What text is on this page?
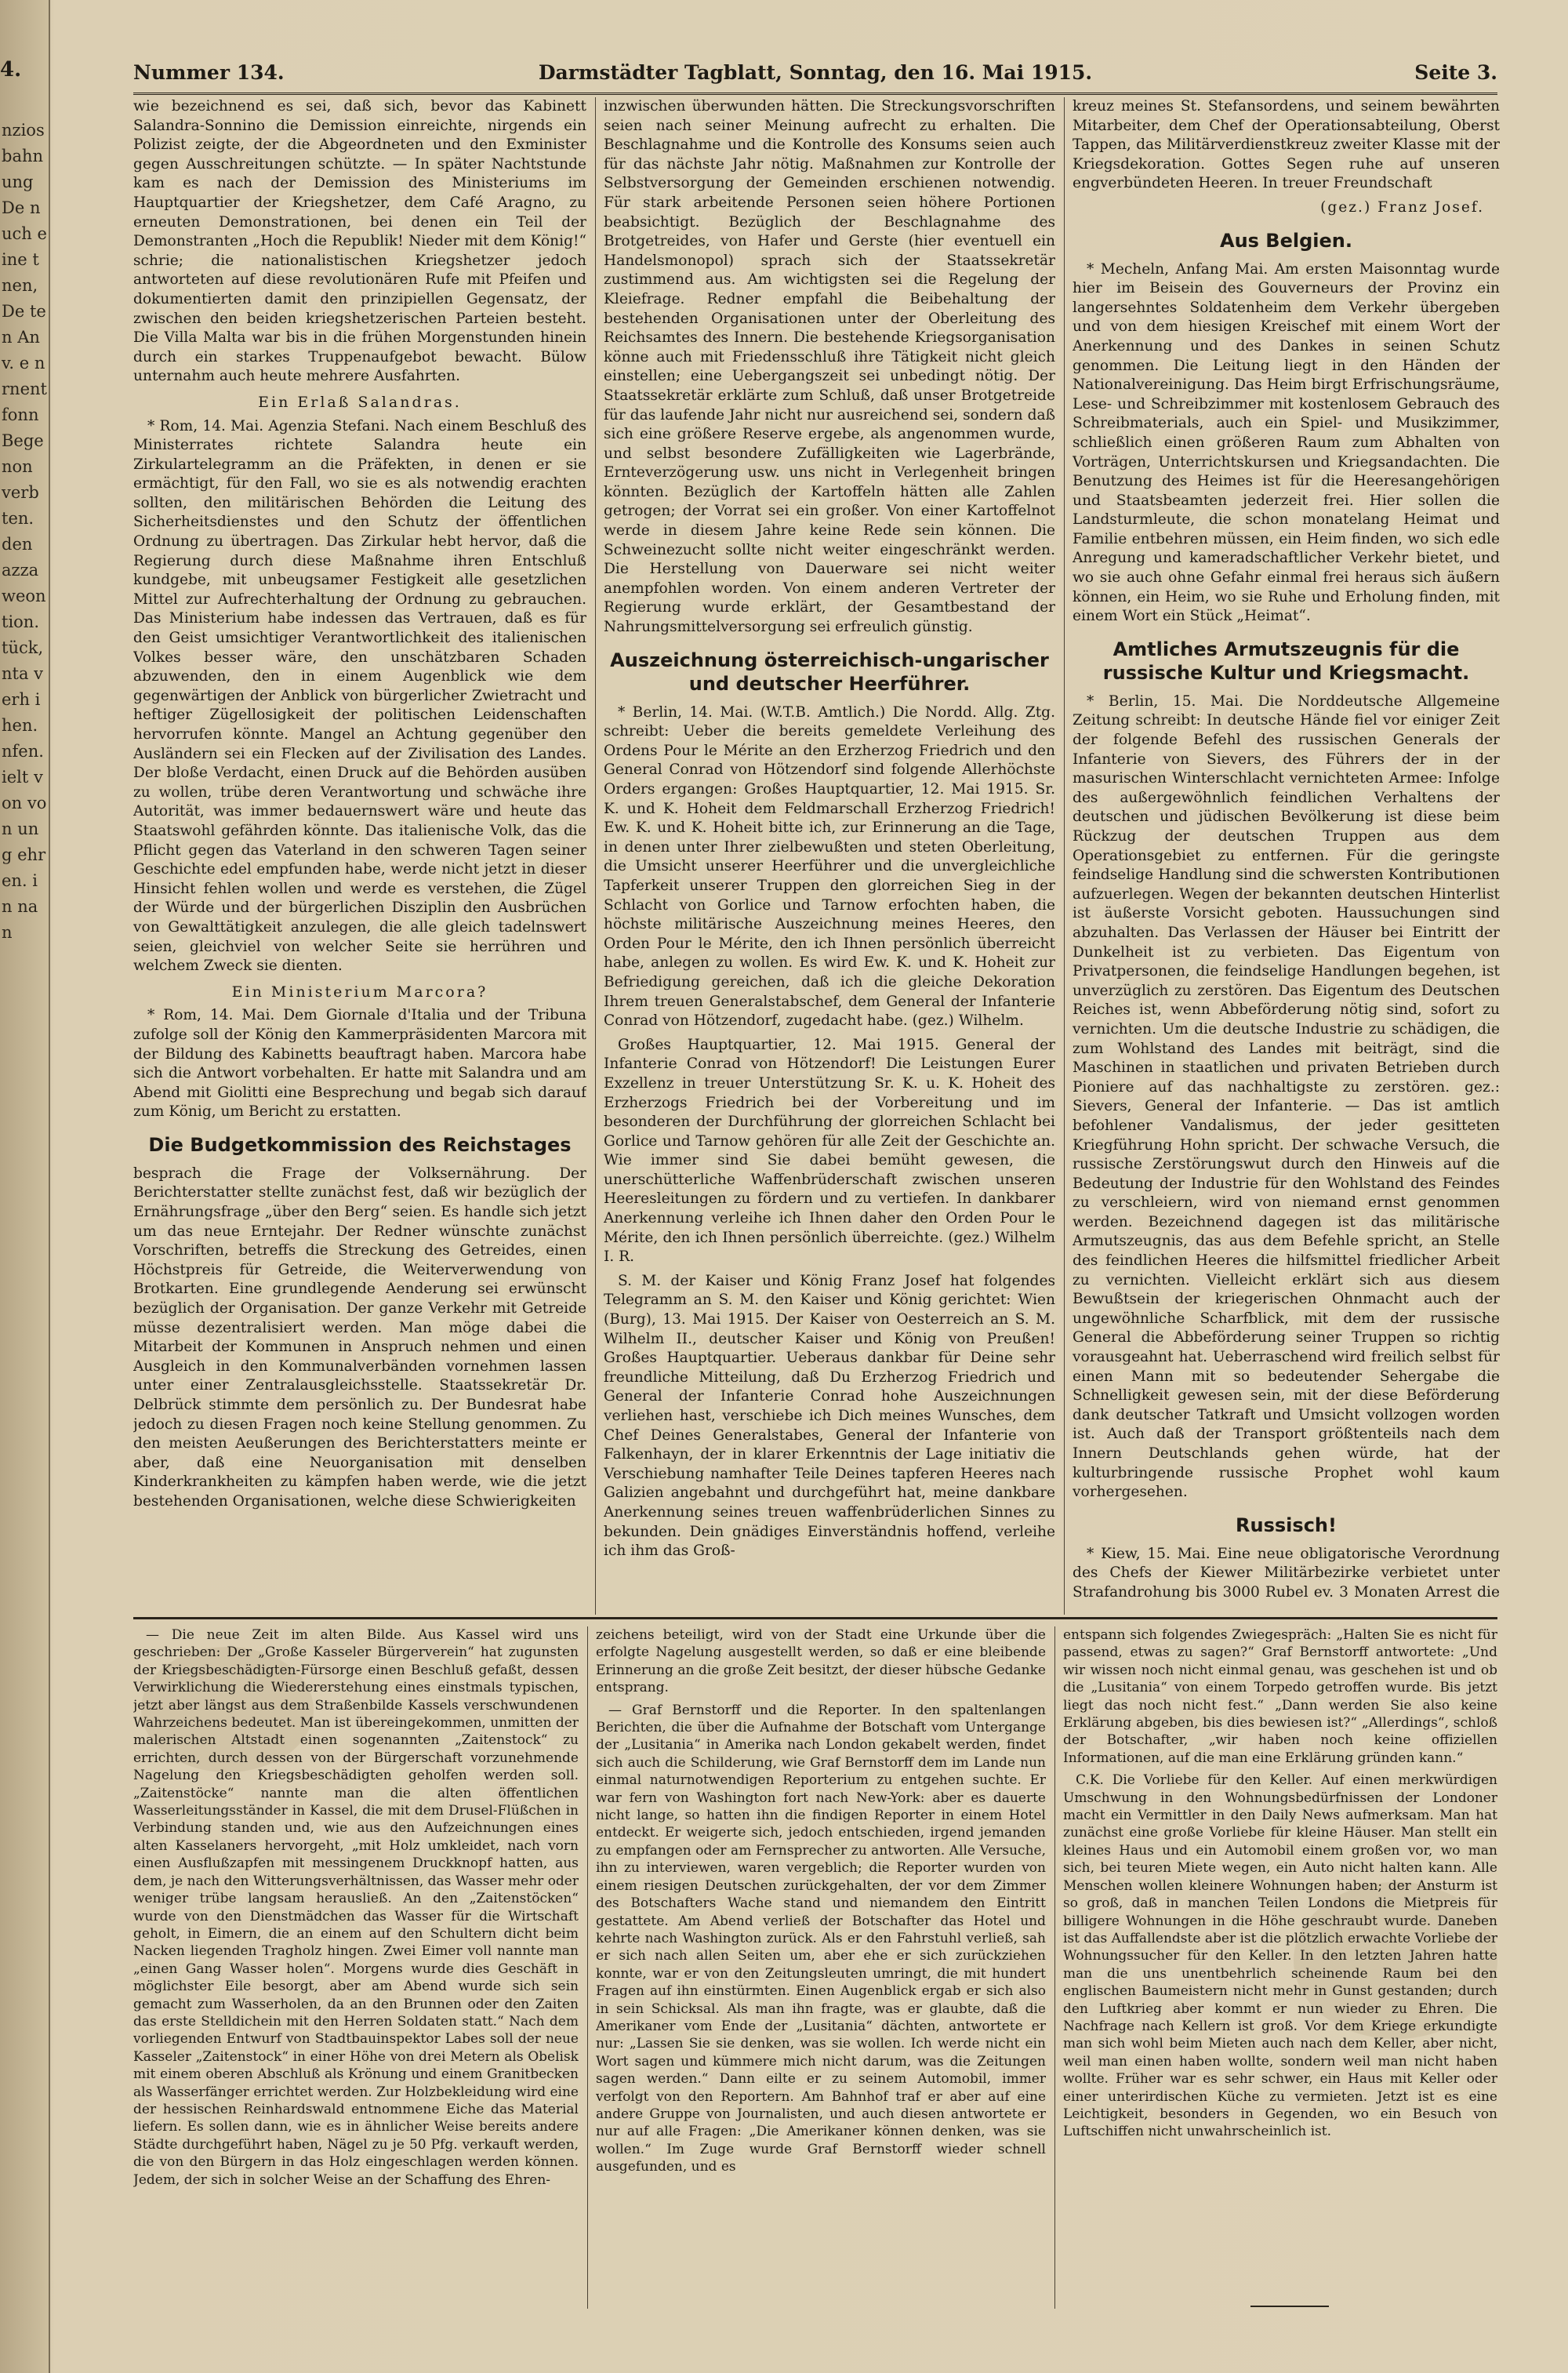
4.
nzios bahn ung De nuch eine tnen, De ten Anv. e n rnent fonn Bege non verb ten. den azza weon tion. tück, nta verh ihen. nfen. ielt von von ung ehr en. in nan
Nummer 134.	Darmstädter Tagblatt, Sonntag, den 16. Mai 1915.	Seite 3.

wie bezeichnend es sei, daß sich, bevor das Kabinett Salandra-Sonnino die Demission einreichte, nirgends ein Polizist zeigte, der die Abgeordneten und den Exminister gegen Ausschreitungen schützte. — In später Nachtstunde kam es nach der Demission des Ministeriums im Hauptquartier der Kriegshetzer, dem Café Aragno, zu erneuten Demonstrationen, bei denen ein Teil der Demonstranten „Hoch die Republik! Nieder mit dem König!“ schrie; die nationalistischen Kriegshetzer jedoch antworteten auf diese revolutionären Rufe mit Pfeifen und dokumentierten damit den prinzipiellen Gegensatz, der zwischen den beiden kriegshetzerischen Parteien besteht. Die Villa Malta war bis in die frühen Morgenstunden hinein durch ein starkes Truppenaufgebot bewacht. Bülow unternahm auch heute mehrere Ausfahrten.

Ein Erlaß Salandras.

* Rom, 14. Mai. Agenzia Stefani. Nach einem Beschluß des Ministerrates richtete Salandra heute ein Zirkulartelegramm an die Präfekten, in denen er sie ermächtigt, für den Fall, wo sie es als notwendig erachten sollten, den militärischen Behörden die Leitung des Sicherheitsdienstes und den Schutz der öffentlichen Ordnung zu übertragen. Das Zirkular hebt hervor, daß die Regierung durch diese Maßnahme ihren Entschluß kundgebe, mit unbeugsamer Festigkeit alle gesetzlichen Mittel zur Aufrechterhaltung der Ordnung zu gebrauchen. Das Ministerium habe indessen das Vertrauen, daß es für den Geist umsichtiger Verantwortlichkeit des italienischen Volkes besser wäre, den unschätzbaren Schaden abzuwenden, den in einem Augenblick wie dem gegenwärtigen der Anblick von bürgerlicher Zwietracht und heftiger Zügellosigkeit der politischen Leidenschaften hervorrufen könnte. Mangel an Achtung gegenüber den Ausländern sei ein Flecken auf der Zivilisation des Landes. Der bloße Verdacht, einen Druck auf die Behörden ausüben zu wollen, trübe deren Verantwortung und schwäche ihre Autorität, was immer bedauernswert wäre und heute das Staatswohl gefährden könnte. Das italienische Volk, das die Pflicht gegen das Vaterland in den schweren Tagen seiner Geschichte edel empfunden habe, werde nicht jetzt in dieser Hinsicht fehlen wollen und werde es verstehen, die Zügel der Würde und der bürgerlichen Disziplin den Ausbrüchen von Gewalttätigkeit anzulegen, die alle gleich tadelnswert seien, gleichviel von welcher Seite sie herrühren und welchem Zweck sie dienten.

Ein Ministerium Marcora?

* Rom, 14. Mai. Dem Giornale d'Italia und der Tribuna zufolge soll der König den Kammerpräsidenten Marcora mit der Bildung des Kabinetts beauftragt haben. Marcora habe sich die Antwort vorbehalten. Er hatte mit Salandra und am Abend mit Giolitti eine Besprechung und begab sich darauf zum König, um Bericht zu erstatten.

Die Budgetkommission des Reichstages

besprach die Frage der Volksernährung. Der Berichterstatter stellte zunächst fest, daß wir bezüglich der Ernährungsfrage „über den Berg“ seien. Es handle sich jetzt um das neue Erntejahr. Der Redner wünschte zunächst Vorschriften, betreffs die Streckung des Getreides, einen Höchstpreis für Getreide, die Weiterverwendung von Brotkarten. Eine grundlegende Aenderung sei erwünscht bezüglich der Organisation. Der ganze Verkehr mit Getreide müsse dezentralisiert werden. Man möge dabei die Mitarbeit der Kommunen in Anspruch nehmen und einen Ausgleich in den Kommunalverbänden vornehmen lassen unter einer Zentralausgleichsstelle. Staatssekretär Dr. Delbrück stimmte dem persönlich zu. Der Bundesrat habe jedoch zu diesen Fragen noch keine Stellung genommen. Zu den meisten Aeußerungen des Berichterstatters meinte er aber, daß eine Neuorganisation mit denselben Kinderkrankheiten zu kämpfen haben werde, wie die jetzt bestehenden Organisationen, welche diese Schwierigkeiten

inzwischen überwunden hätten. Die Streckungsvorschriften seien nach seiner Meinung aufrecht zu erhalten. Die Beschlagnahme und die Kontrolle des Konsums seien auch für das nächste Jahr nötig. Maßnahmen zur Kontrolle der Selbstversorgung der Gemeinden erschienen notwendig. Für stark arbeitende Personen seien höhere Portionen beabsichtigt. Bezüglich der Beschlagnahme des Brotgetreides, von Hafer und Gerste (hier eventuell ein Handelsmonopol) sprach sich der Staatssekretär zustimmend aus. Am wichtigsten sei die Regelung der Kleiefrage. Redner empfahl die Beibehaltung der bestehenden Organisationen unter der Oberleitung des Reichsamtes des Innern. Die bestehende Kriegsorganisation könne auch mit Friedensschluß ihre Tätigkeit nicht gleich einstellen; eine Uebergangszeit sei unbedingt nötig. Der Staatssekretär erklärte zum Schluß, daß unser Brotgetreide für das laufende Jahr nicht nur ausreichend sei, sondern daß sich eine größere Reserve ergebe, als angenommen wurde, und selbst besondere Zufälligkeiten wie Lagerbrände, Ernteverzögerung usw. uns nicht in Verlegenheit bringen könnten. Bezüglich der Kartoffeln hätten alle Zahlen getrogen; der Vorrat sei ein großer. Von einer Kartoffelnot werde in diesem Jahre keine Rede sein können. Die Schweinezucht sollte nicht weiter eingeschränkt werden. Die Herstellung von Dauerware sei nicht weiter anempfohlen worden. Von einem anderen Vertreter der Regierung wurde erklärt, der Gesamtbestand der Nahrungsmittelversorgung sei erfreulich günstig.

Auszeichnung österreichisch-ungarischer und deutscher Heerführer.

* Berlin, 14. Mai. (W.T.B. Amtlich.) Die Nordd. Allg. Ztg. schreibt: Ueber die bereits gemeldete Verleihung des Ordens Pour le Mérite an den Erzherzog Friedrich und den General Conrad von Hötzendorf sind folgende Allerhöchste Orders ergangen: Großes Hauptquartier, 12. Mai 1915. Sr. K. und K. Hoheit dem Feldmarschall Erzherzog Friedrich! Ew. K. und K. Hoheit bitte ich, zur Erinnerung an die Tage, in denen unter Ihrer zielbewußten und steten Oberleitung, die Umsicht unserer Heerführer und die unvergleichliche Tapferkeit unserer Truppen den glorreichen Sieg in der Schlacht von Gorlice und Tarnow erfochten haben, die höchste militärische Auszeichnung meines Heeres, den Orden Pour le Mérite, den ich Ihnen persönlich überreicht habe, anlegen zu wollen. Es wird Ew. K. und K. Hoheit zur Befriedigung gereichen, daß ich die gleiche Dekoration Ihrem treuen Generalstabschef, dem General der Infanterie Conrad von Hötzendorf, zugedacht habe. (gez.) Wilhelm.

Großes Hauptquartier, 12. Mai 1915. General der Infanterie Conrad von Hötzendorf! Die Leistungen Eurer Exzellenz in treuer Unterstützung Sr. K. u. K. Hoheit des Erzherzogs Friedrich bei der Vorbereitung und im besonderen der Durchführung der glorreichen Schlacht bei Gorlice und Tarnow gehören für alle Zeit der Geschichte an. Wie immer sind Sie dabei bemüht gewesen, die unerschütterliche Waffenbrüderschaft zwischen unseren Heeresleitungen zu fördern und zu vertiefen. In dankbarer Anerkennung verleihe ich Ihnen daher den Orden Pour le Mérite, den ich Ihnen persönlich überreichte. (gez.) Wilhelm I. R.

S. M. der Kaiser und König Franz Josef hat folgendes Telegramm an S. M. den Kaiser und König gerichtet: Wien (Burg), 13. Mai 1915. Der Kaiser von Oesterreich an S. M. Wilhelm II., deutscher Kaiser und König von Preußen! Großes Hauptquartier. Ueberaus dankbar für Deine sehr freundliche Mitteilung, daß Du Erzherzog Friedrich und General der Infanterie Conrad hohe Auszeichnungen verliehen hast, verschiebe ich Dich meines Wunsches, dem Chef Deines Generalstabes, General der Infanterie von Falkenhayn, der in klarer Erkenntnis der Lage initiativ die Verschiebung namhafter Teile Deines tapferen Heeres nach Galizien angebahnt und durchgeführt hat, meine dankbare Anerkennung seines treuen waffenbrüderlichen Sinnes zu bekunden. Dein gnädiges Einverständnis hoffend, verleihe ich ihm das Groß-

kreuz meines St. Stefansordens, und seinem bewährten Mitarbeiter, dem Chef der Operationsabteilung, Oberst Tappen, das Militärverdienstkreuz zweiter Klasse mit der Kriegsdekoration. Gottes Segen ruhe auf unseren engverbündeten Heeren. In treuer Freundschaft

(gez.) Franz Josef.
Aus Belgien.

* Mecheln, Anfang Mai. Am ersten Maisonntag wurde hier im Beisein des Gouverneurs der Provinz ein langersehntes Soldatenheim dem Verkehr übergeben und von dem hiesigen Kreischef mit einem Wort der Anerkennung und des Dankes in seinen Schutz genommen. Die Leitung liegt in den Händen der Nationalvereinigung. Das Heim birgt Erfrischungsräume, Lese- und Schreibzimmer mit kostenlosem Gebrauch des Schreibmaterials, auch ein Spiel- und Musikzimmer, schließlich einen größeren Raum zum Abhalten von Vorträgen, Unterrichtskursen und Kriegsandachten. Die Benutzung des Heimes ist für die Heeresangehörigen und Staatsbeamten jederzeit frei. Hier sollen die Landsturmleute, die schon monatelang Heimat und Familie entbehren müssen, ein Heim finden, wo sich edle Anregung und kameradschaftlicher Verkehr bietet, und wo sie auch ohne Gefahr einmal frei heraus sich äußern können, ein Heim, wo sie Ruhe und Erholung finden, mit einem Wort ein Stück „Heimat“.

Amtliches Armutszeugnis für die russische Kultur und Kriegsmacht.

* Berlin, 15. Mai. Die Norddeutsche Allgemeine Zeitung schreibt: In deutsche Hände fiel vor einiger Zeit der folgende Befehl des russischen Generals der Infanterie von Sievers, des Führers der in der masurischen Winterschlacht vernichteten Armee: Infolge des außergewöhnlich feindlichen Verhaltens der deutschen und jüdischen Bevölkerung ist diese beim Rückzug der deutschen Truppen aus dem Operationsgebiet zu entfernen. Für die geringste feindselige Handlung sind die schwersten Kontributionen aufzuerlegen. Wegen der bekannten deutschen Hinterlist ist äußerste Vorsicht geboten. Haussuchungen sind abzuhalten. Das Verlassen der Häuser bei Eintritt der Dunkelheit ist zu verbieten. Das Eigentum von Privatpersonen, die feindselige Handlungen begehen, ist unverzüglich zu zerstören. Das Eigentum des Deutschen Reiches ist, wenn Abbeförderung nötig sind, sofort zu vernichten. Um die deutsche Industrie zu schädigen, die zum Wohlstand des Landes mit beiträgt, sind die Maschinen in staatlichen und privaten Betrieben durch Pioniere auf das nachhaltigste zu zerstören. gez.: Sievers, General der Infanterie. — Das ist amtlich befohlener Vandalismus, der jeder gesitteten Kriegführung Hohn spricht. Der schwache Versuch, die russische Zerstörungswut durch den Hinweis auf die Bedeutung der Industrie für den Wohlstand des Feindes zu verschleiern, wird von niemand ernst genommen werden. Bezeichnend dagegen ist das militärische Armutszeugnis, das aus dem Befehle spricht, an Stelle des feindlichen Heeres die hilfsmittel friedlicher Arbeit zu vernichten. Vielleicht erklärt sich aus diesem Bewußtsein der kriegerischen Ohnmacht auch der ungewöhnliche Scharfblick, mit dem der russische General die Abbeförderung seiner Truppen so richtig vorausgeahnt hat. Ueberraschend wird freilich selbst für einen Mann mit so bedeutender Sehergabe die Schnelligkeit gewesen sein, mit der diese Beförderung dank deutscher Tatkraft und Umsicht vollzogen worden ist. Auch daß der Transport größtenteils nach dem Innern Deutschlands gehen würde, hat der kulturbringende russische Prophet wohl kaum vorhergesehen.

Russisch!

* Kiew, 15. Mai. Eine neue obligatorische Verordnung des Chefs der Kiewer Militärbezirke verbietet unter Strafandrohung bis 3000 Rubel ev. 3 Monaten Arrest die

— Die neue Zeit im alten Bilde. Aus Kassel wird uns geschrieben: Der „Große Kasseler Bürgerverein“ hat zugunsten der Kriegsbeschädigten-Fürsorge einen Beschluß gefaßt, dessen Verwirklichung die Wiedererstehung eines einstmals typischen, jetzt aber längst aus dem Straßenbilde Kassels verschwundenen Wahrzeichens bedeutet. Man ist übereingekommen, unmitten der malerischen Altstadt einen sogenannten „Zaitenstock“ zu errichten, durch dessen von der Bürgerschaft vorzunehmende Nagelung den Kriegsbeschädigten geholfen werden soll. „Zaitenstöcke“ nannte man die alten öffentlichen Wasserleitungsständer in Kassel, die mit dem Drusel-Flüßchen in Verbindung standen und, wie aus den Aufzeichnungen eines alten Kasselaners hervorgeht, „mit Holz umkleidet, nach vorn einen Ausflußzapfen mit messingenem Druckknopf hatten, aus dem, je nach den Witterungsverhältnissen, das Wasser mehr oder weniger trübe langsam herausließ. An den „Zaitenstöcken“ wurde von den Dienstmädchen das Wasser für die Wirtschaft geholt, in Eimern, die an einem auf den Schultern dicht beim Nacken liegenden Tragholz hingen. Zwei Eimer voll nannte man „einen Gang Wasser holen“. Morgens wurde dies Geschäft in möglichster Eile besorgt, aber am Abend wurde sich sein gemacht zum Wasserholen, da an den Brunnen oder den Zaiten das erste Stelldichein mit den Herren Soldaten statt.“ Nach dem vorliegenden Entwurf von Stadtbauinspektor Labes soll der neue Kasseler „Zaitenstock“ in einer Höhe von drei Metern als Obelisk mit einem oberen Abschluß als Krönung und einem Granitbecken als Wasserfänger errichtet werden. Zur Holzbekleidung wird eine der hessischen Reinhardswald entnommene Eiche das Material liefern. Es sollen dann, wie es in ähnlicher Weise bereits andere Städte durchgeführt haben, Nägel zu je 50 Pfg. verkauft werden, die von den Bürgern in das Holz eingeschlagen werden können. Jedem, der sich in solcher Weise an der Schaffung des Ehren-

zeichens beteiligt, wird von der Stadt eine Urkunde über die erfolgte Nagelung ausgestellt werden, so daß er eine bleibende Erinnerung an die große Zeit besitzt, der dieser hübsche Gedanke entsprang.

— Graf Bernstorff und die Reporter. In den spaltenlangen Berichten, die über die Aufnahme der Botschaft vom Untergange der „Lusitania“ in Amerika nach London gekabelt werden, findet sich auch die Schilderung, wie Graf Bernstorff dem im Lande nun einmal naturnotwendigen Reporterium zu entgehen suchte. Er war fern von Washington fort nach New-York: aber es dauerte nicht lange, so hatten ihn die findigen Reporter in einem Hotel entdeckt. Er weigerte sich, jedoch entschieden, irgend jemanden zu empfangen oder am Fernsprecher zu antworten. Alle Versuche, ihn zu interviewen, waren vergeblich; die Reporter wurden von einem riesigen Deutschen zurückgehalten, der vor dem Zimmer des Botschafters Wache stand und niemandem den Eintritt gestattete. Am Abend verließ der Botschafter das Hotel und kehrte nach Washington zurück. Als er den Fahrstuhl verließ, sah er sich nach allen Seiten um, aber ehe er sich zurückziehen konnte, war er von den Zeitungsleuten umringt, die mit hundert Fragen auf ihn einstürmten. Einen Augenblick ergab er sich also in sein Schicksal. Als man ihn fragte, was er glaubte, daß die Amerikaner vom Ende der „Lusitania“ dächten, antwortete er nur: „Lassen Sie sie denken, was sie wollen. Ich werde nicht ein Wort sagen und kümmere mich nicht darum, was die Zeitungen sagen werden.“ Dann eilte er zu seinem Automobil, immer verfolgt von den Reportern. Am Bahnhof traf er aber auf eine andere Gruppe von Journalisten, und auch diesen antwortete er nur auf alle Fragen: „Die Amerikaner können denken, was sie wollen.“ Im Zuge wurde Graf Bernstorff wieder schnell ausgefunden, und es

entspann sich folgendes Zwiegespräch: „Halten Sie es nicht für passend, etwas zu sagen?“ Graf Bernstorff antwortete: „Und wir wissen noch nicht einmal genau, was geschehen ist und ob die „Lusitania“ von einem Torpedo getroffen wurde. Bis jetzt liegt das noch nicht fest.“ „Dann werden Sie also keine Erklärung abgeben, bis dies bewiesen ist?“ „Allerdings“, schloß der Botschafter, „wir haben noch keine offiziellen Informationen, auf die man eine Erklärung gründen kann.“

C.K. Die Vorliebe für den Keller. Auf einen merkwürdigen Umschwung in den Wohnungsbedürfnissen der Londoner macht ein Vermittler in den Daily News aufmerksam. Man hat zunächst eine große Vorliebe für kleine Häuser. Man stellt ein kleines Haus und ein Automobil einem großen vor, wo man sich, bei teuren Miete wegen, ein Auto nicht halten kann. Alle Menschen wollen kleinere Wohnungen haben; der Ansturm ist so groß, daß in manchen Teilen Londons die Mietpreis für billigere Wohnungen in die Höhe geschraubt wurde. Daneben ist das Auffallendste aber ist die plötzlich erwachte Vorliebe der Wohnungssucher für den Keller. In den letzten Jahren hatte man die uns unentbehrlich scheinende Raum bei den englischen Baumeistern nicht mehr in Gunst gestanden; durch den Luftkrieg aber kommt er nun wieder zu Ehren. Die Nachfrage nach Kellern ist groß. Vor dem Kriege erkundigte man sich wohl beim Mieten auch nach dem Keller, aber nicht, weil man einen haben wollte, sondern weil man nicht haben wollte. Früher war es sehr schwer, ein Haus mit Keller oder einer unterirdischen Küche zu vermieten. Jetzt ist es eine Leichtigkeit, besonders in Gegenden, wo ein Besuch von Luftschiffen nicht unwahrscheinlich ist.
